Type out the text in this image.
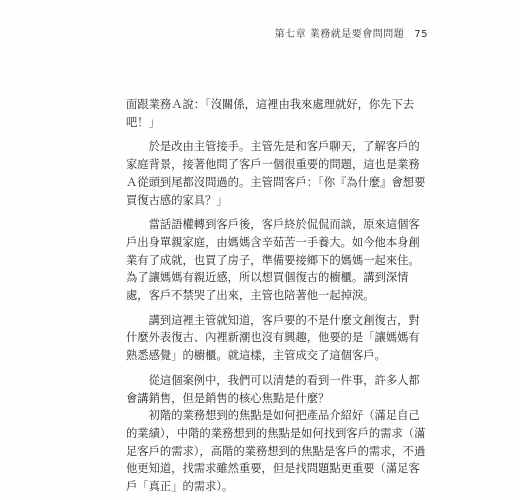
第七章 業務就是要會問問題 75

面跟業務Ａ說：「沒關係，這裡由我來處理就好，你先下去吧！」

於是改由主管接手。主管先是和客戶聊天，了解客戶的家庭背景，接著他問了客戶一個很重要的問題，這也是業務Ａ從頭到尾都沒問過的。主管問客戶：「你『為什麼』會想要買復古感的家具？」

當話語權轉到客戶後，客戶終於侃侃而談，原來這個客戶出身單親家庭，由媽媽含辛茹苦一手養大。如今他本身創業有了成就，也買了房子，準備要接鄉下的媽媽一起來住。為了讓媽媽有親近感，所以想買個復古的櫥櫃。講到深情處，客戶不禁哭了出來，主管也陪著他一起掉淚。

講到這裡主管就知道，客戶要的不是什麼文創復古，對什麼外表復古、內裡新潮也沒有興趣，他要的是「讓媽媽有熟悉感覺」的櫥櫃。就這樣，主管成交了這個客戶。

從這個案例中，我們可以清楚的看到一件事，許多人都會講銷售，但是銷售的核心焦點是什麼？

初階的業務想到的焦點是如何把產品介紹好（滿足自己的業績），中階的業務想到的焦點是如何找到客戶的需求（滿足客戶的需求），高階的業務想到的焦點是客戶的需求，不過他更知道，找需求雖然重要，但是找問題點更重要（滿足客戶「真正」的需求）。
